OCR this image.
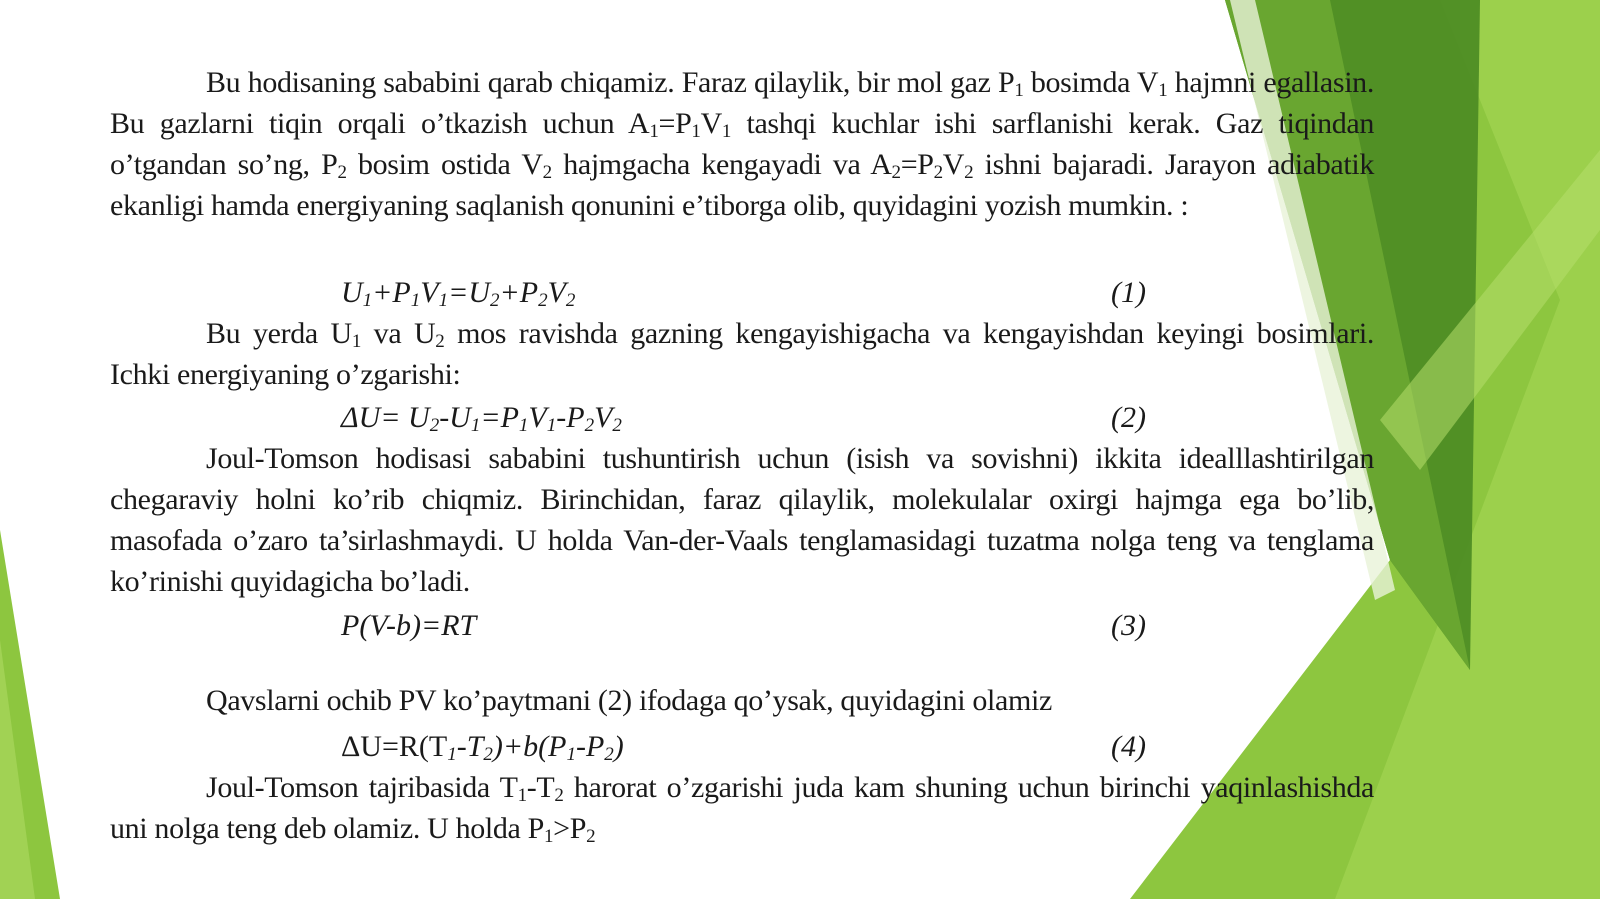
Bu hodisaning sababini qarab chiqamiz. Faraz qilaylik, bir mol gaz $P_1$ bosimda $V_1$ hajmni egallasin. Bu gazlarni tiqin orqali o’tkazish uchun $A_1=P_1V_1$ tashqi kuchlar ishi sarflanishi kerak. Gaz tiqindan o’tgandan so’ng, $P_2$ bosim ostida $V_2$ hajmgacha kengayadi va $A_2=P_2V_2$ ishni bajaradi. Jarayon adiabatik ekanligi hamda energiyaning saqlanish qonunini e’tiborga olib, quyidagini yozish mumkin. :

$U_1+P_1V_1=U_2+P_2V_2$	(1)

Bu yerda $U_1$ va $U_2$ mos ravishda gazning kengayishigacha va kengayishdan keyingi bosimlari. Ichki energiyaning o’zgarishi:

$\Delta U= U_2-U_1=P_1V_1-P_2V_2$	(2)

Joul-Tomson hodisasi sababini tushuntirish uchun (isish va sovishni) ikkita idealllashtirilgan chegaraviy holni ko’rib chiqmiz. Birinchidan, faraz qilaylik, molekulalar oxirgi hajmga ega bo’lib, masofada o’zaro ta’sirlashmaydi. U holda Van-der-Vaals tenglamasidagi tuzatma nolga teng va tenglama ko’rinishi quyidagicha bo’ladi.

P(V-b)=RT	(3)

Qavslarni ochib PV ko’paytmani (2) ifodaga qo’ysak, quyidagini olamiz

$\Delta U=R(T_1-T_2)+b(P_1-P_2)$	(4)

Joul-Tomson tajribasida $T_1-T_2$ harorat o’zgarishi juda kam shuning uchun birinchi yaqinlashishda uni nolga teng deb olamiz. U holda $P_1>P_2$
